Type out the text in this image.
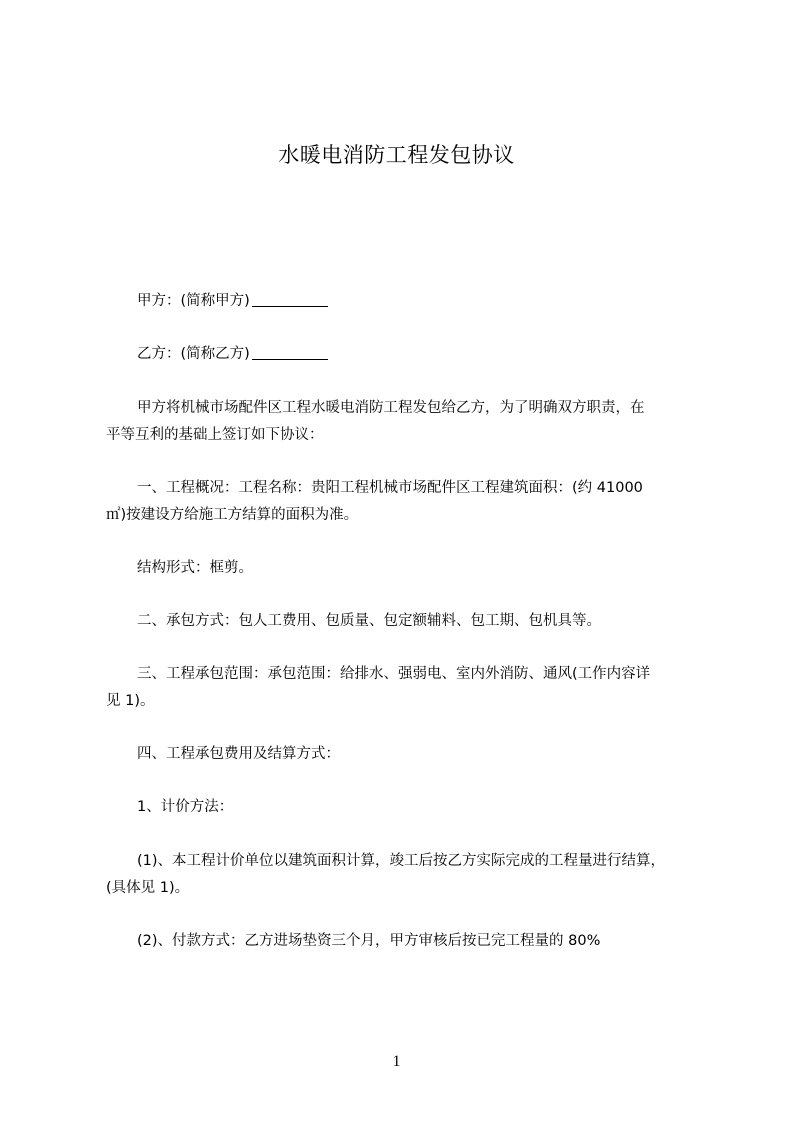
水暖电消防工程发包协议
甲方：(简称甲方)
乙方：(简称乙方)
甲方将机械市场配件区工程水暖电消防工程发包给乙方，为了明确双方职责，在
平等互利的基础上签订如下协议：
一、工程概况：工程名称：贵阳工程机械市场配件区工程建筑面积：(约 41000
㎡)按建设方给施工方结算的面积为准。
结构形式：框剪。
二、承包方式：包人工费用、包质量、包定额辅料、包工期、包机具等。
三、工程承包范围：承包范围：给排水、强弱电、室内外消防、通风(工作内容详
见 1)。
四、工程承包费用及结算方式：
1、计价方法：
(1)、本工程计价单位以建筑面积计算，竣工后按乙方实际完成的工程量进行结算，
(具体见 1)。
(2)、付款方式：乙方进场垫资三个月，甲方审核后按已完工程量的 80%
1
